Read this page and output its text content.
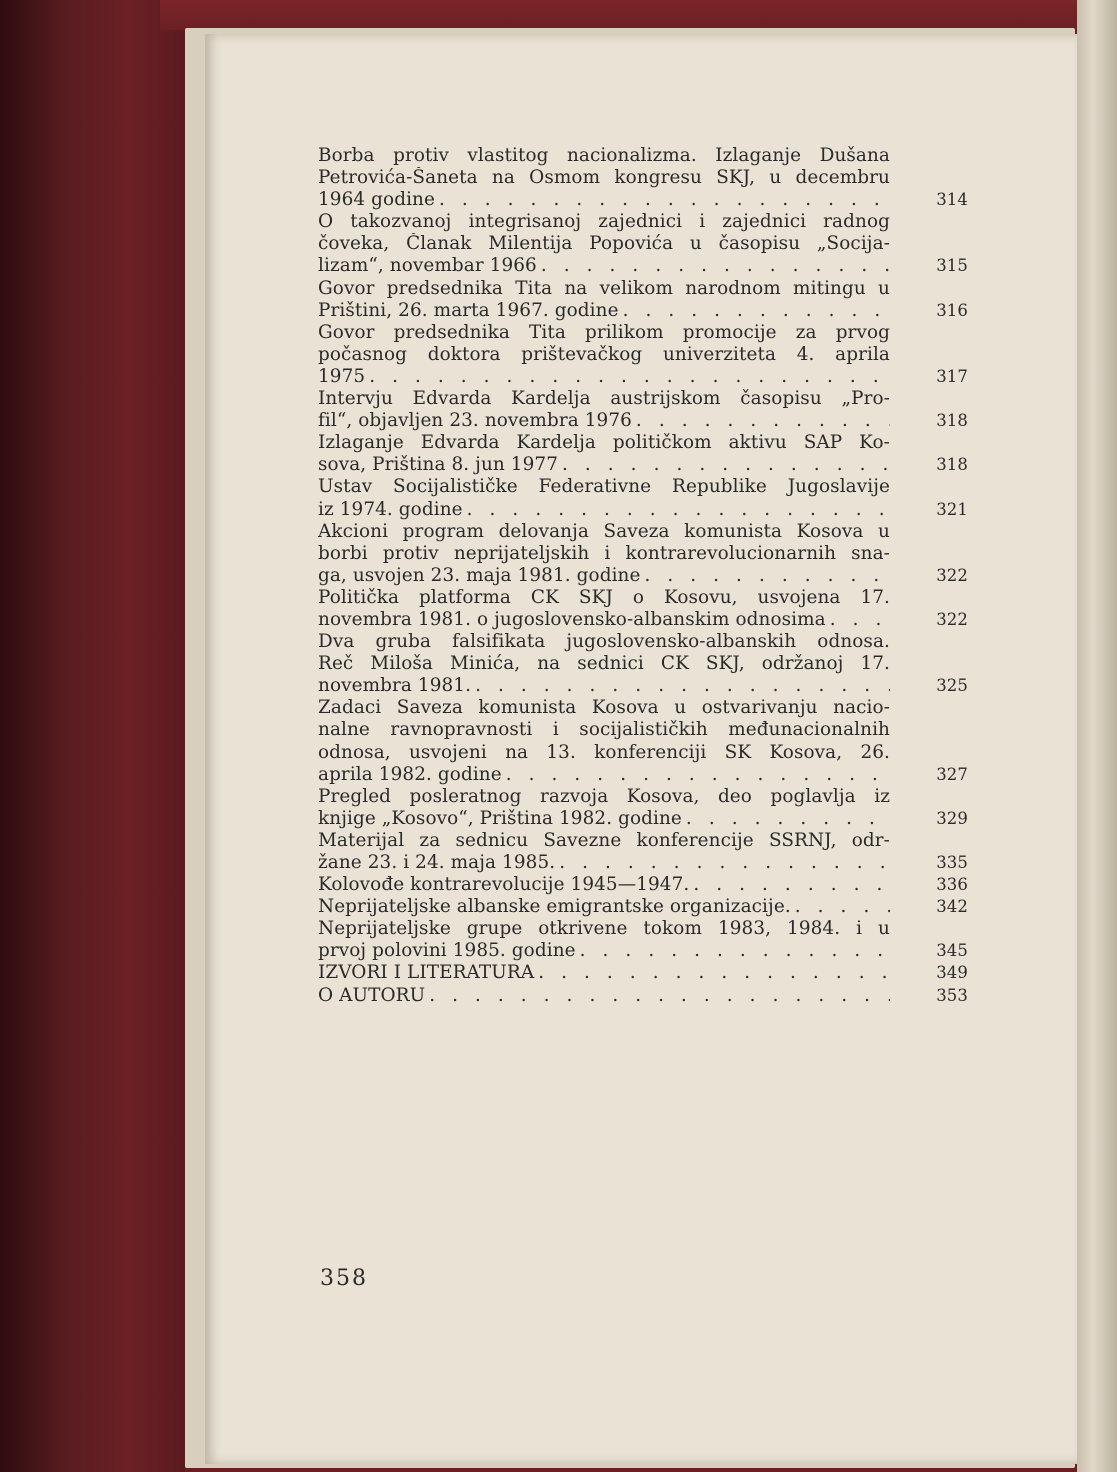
Borba protiv vlastitog nacionalizma. Izlaganje Dušana
Petrovića-Šaneta na Osmom kongresu SKJ, u decembru
1964 godine . . .	314
O takozvanoj integrisanoj zajednici i zajednici radnog
čoveka, Članak Milentija Popovića u časopisu „Socija-
lizam“, novembar 1966 . . .	315
Govor predsednika Tita na velikom narodnom mitingu u
Prištini, 26. marta 1967. godine . . .	316
Govor predsednika Tita prilikom promocije za prvog
počasnog doktora prištevačkog univerziteta 4. aprila
1975 . . .	317
Intervju Edvarda Kardelja austrijskom časopisu „Pro-
fil“, objavljen 23. novembra 1976 . . .	318
Izlaganje Edvarda Kardelja političkom aktivu SAP Ko-
sova, Priština 8. jun 1977 . . .	318
Ustav Socijalističke Federativne Republike Jugoslavije
iz 1974. godine . . .	321
Akcioni program delovanja Saveza komunista Kosova u
borbi protiv neprijateljskih i kontrarevolucionarnih sna-
ga, usvojen 23. maja 1981. godine . . .	322
Politička platforma CK SKJ o Kosovu, usvojena 17.
novembra 1981. o jugoslovensko-albanskim odnosima . . .	322
Dva gruba falsifikata jugoslovensko-albanskih odnosa.
Reč Miloša Minića, na sednici CK SKJ, održanoj 17.
novembra 1981. . . .	325
Zadaci Saveza komunista Kosova u ostvarivanju nacio-
nalne ravnopravnosti i socijalističkih međunacionalnih
odnosa, usvojeni na 13. konferenciji SK Kosova, 26.
aprila 1982. godine . . .	327
Pregled posleratnog razvoja Kosova, deo poglavlja iz
knjige „Kosovo“, Priština 1982. godine . . .	329
Materijal za sednicu Savezne konferencije SSRNJ, odr-
žane 23. i 24. maja 1985. . . .	335
Kolovođe kontrarevolucije 1945—1947. . . .	336
Neprijateljske albanske emigrantske organizacije. . . .	342
Neprijateljske grupe otkrivene tokom 1983, 1984. i u
prvoj polovini 1985. godine . . .	345
IZVORI I LITERATURA . . .	349
O AUTORU . . .	353
358
